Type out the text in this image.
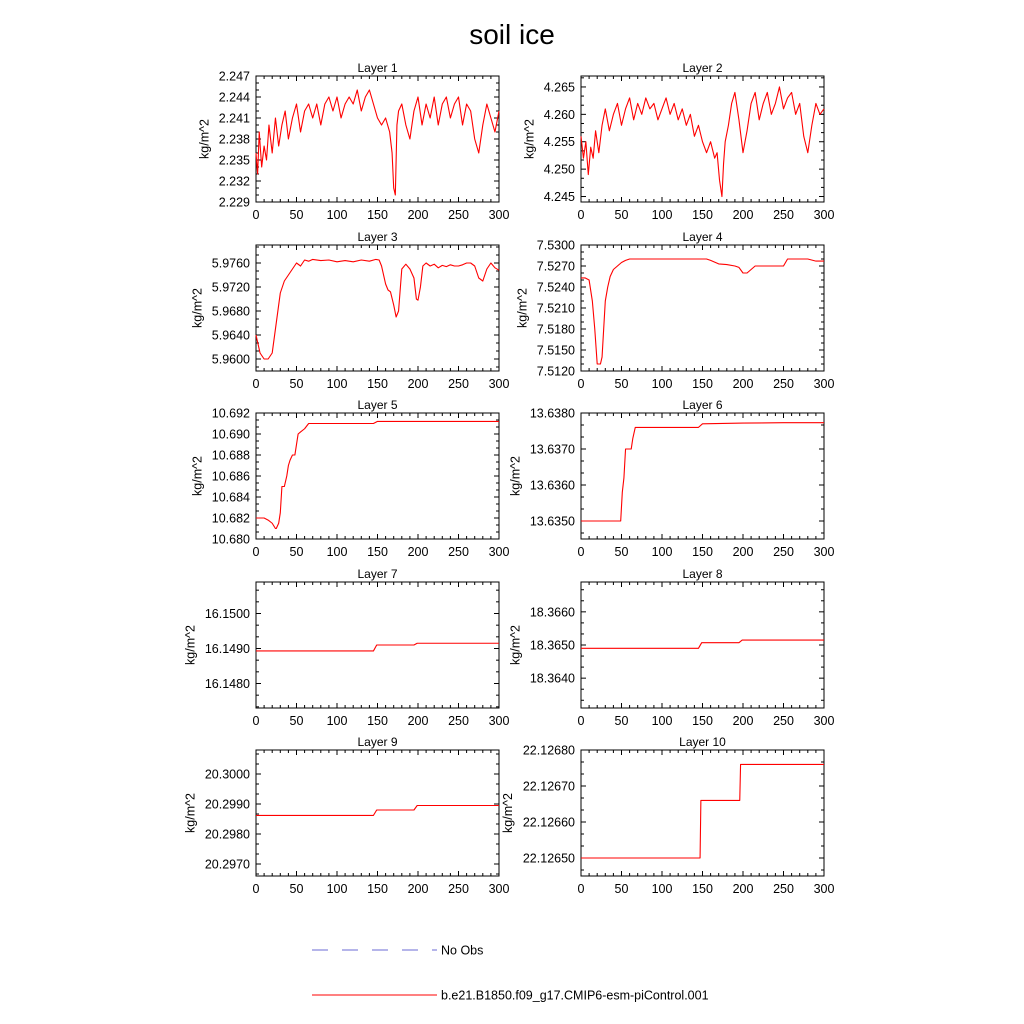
soil ice
Layer 1
0 50 100 150 200 250 300
2.229
2.232
2.235
2.238
2.241
2.244
2.247
kg/m^2
Layer 2
0 50 100 150 200 250 300
4.245
4.250
4.255
4.260
4.265
kg/m^2
Layer 3
0 50 100 150 200 250 300
5.9600
5.9640
5.9680
5.9720
5.9760
kg/m^2
Layer 4
0 50 100 150 200 250 300
7.5120
7.5150
7.5180
7.5210
7.5240
7.5270
7.5300
kg/m^2
Layer 5
0 50 100 150 200 250 300
10.680
10.682
10.684
10.686
10.688
10.690
10.692
kg/m^2
Layer 6
0 50 100 150 200 250 300
13.6350
13.6360
13.6370
13.6380
kg/m^2
Layer 7
0 50 100 150 200 250 300
16.1480
16.1490
16.1500
kg/m^2
Layer 8
0 50 100 150 200 250 300
18.3640
18.3650
18.3660
kg/m^2
Layer 9
0 50 100 150 200 250 300
20.2970
20.2980
20.2990
20.3000
kg/m^2
Layer 10
0 50 100 150 200 250 300
22.12650
22.12660
22.12670
22.12680
kg/m^2
No Obs
b.e21.B1850.f09_g17.CMIP6-esm-piControl.001
